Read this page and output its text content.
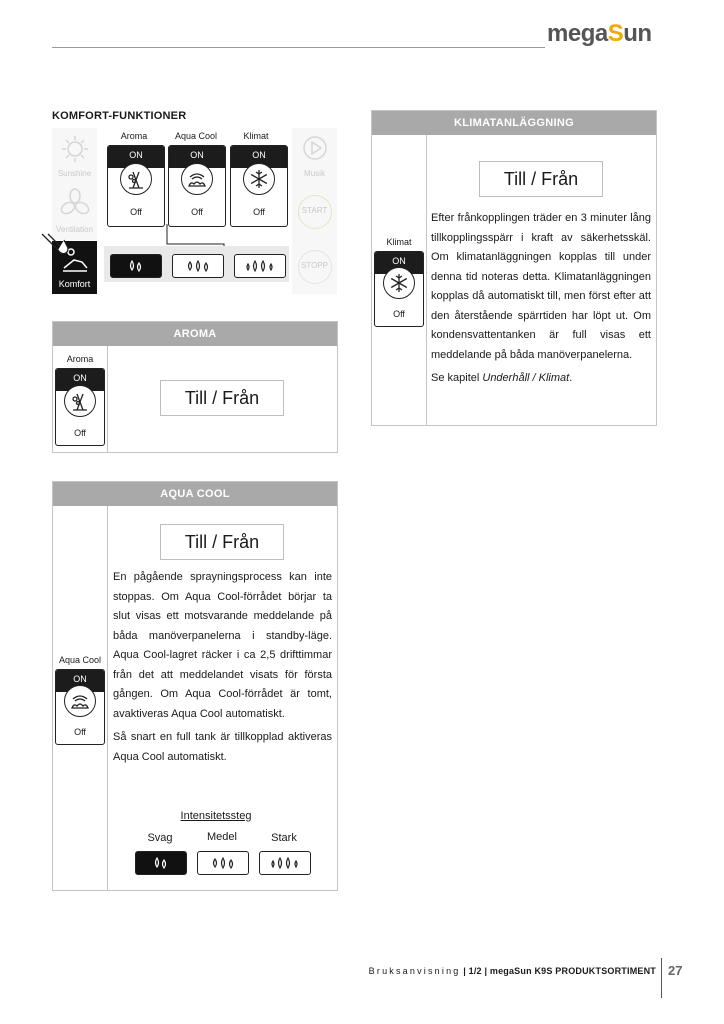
megaSun
KOMFORT-FUNKTIONER
Sunshine
Ventilation
Komfort
Aroma	Aqua Cool	Klimat
ON
Off
ON
Off
ON
Off
Musik
START
STOPP
AROMA
Aroma
ON
Off
Till / Från
AQUA COOL
Aqua Cool
ON
Off
Till / Från

En pågående sprayningsprocess kan inte stoppas. Om Aqua Cool-förrådet börjar ta slut visas ett motsvarande meddelande på båda manöverpanelerna i standby-läge. Aqua Cool-lagret räcker i ca 2,5 drifttimmar från det att meddelandet visats för första gången. Om Aqua Cool-förrådet är tomt, avaktiveras Aqua Cool automatiskt.

Så snart en full tank är tillkopplad aktiveras Aqua Cool automatiskt.

Intensitetssteg
Svag	Medel	Stark
KLIMATANLÄGGNING
Klimat
ON
Off
Till / Från

Efter frånkopplingen träder en 3 minuter lång tillkopplingsspärr i kraft av säkerhetsskäl. Om klimatanläggningen kopplas till under denna tid noteras detta. Klimatanläggningen kopplas då automatiskt till, men först efter att den återstående spärrtiden har löpt ut. Om kondensvattentanken är full visas ett meddelande på båda manöverpanelerna.

Se kapitel Underhåll / Klimat.

Bruksanvisning | 1/2 | megaSun K9S PRODUKTSORTIMENT 27
